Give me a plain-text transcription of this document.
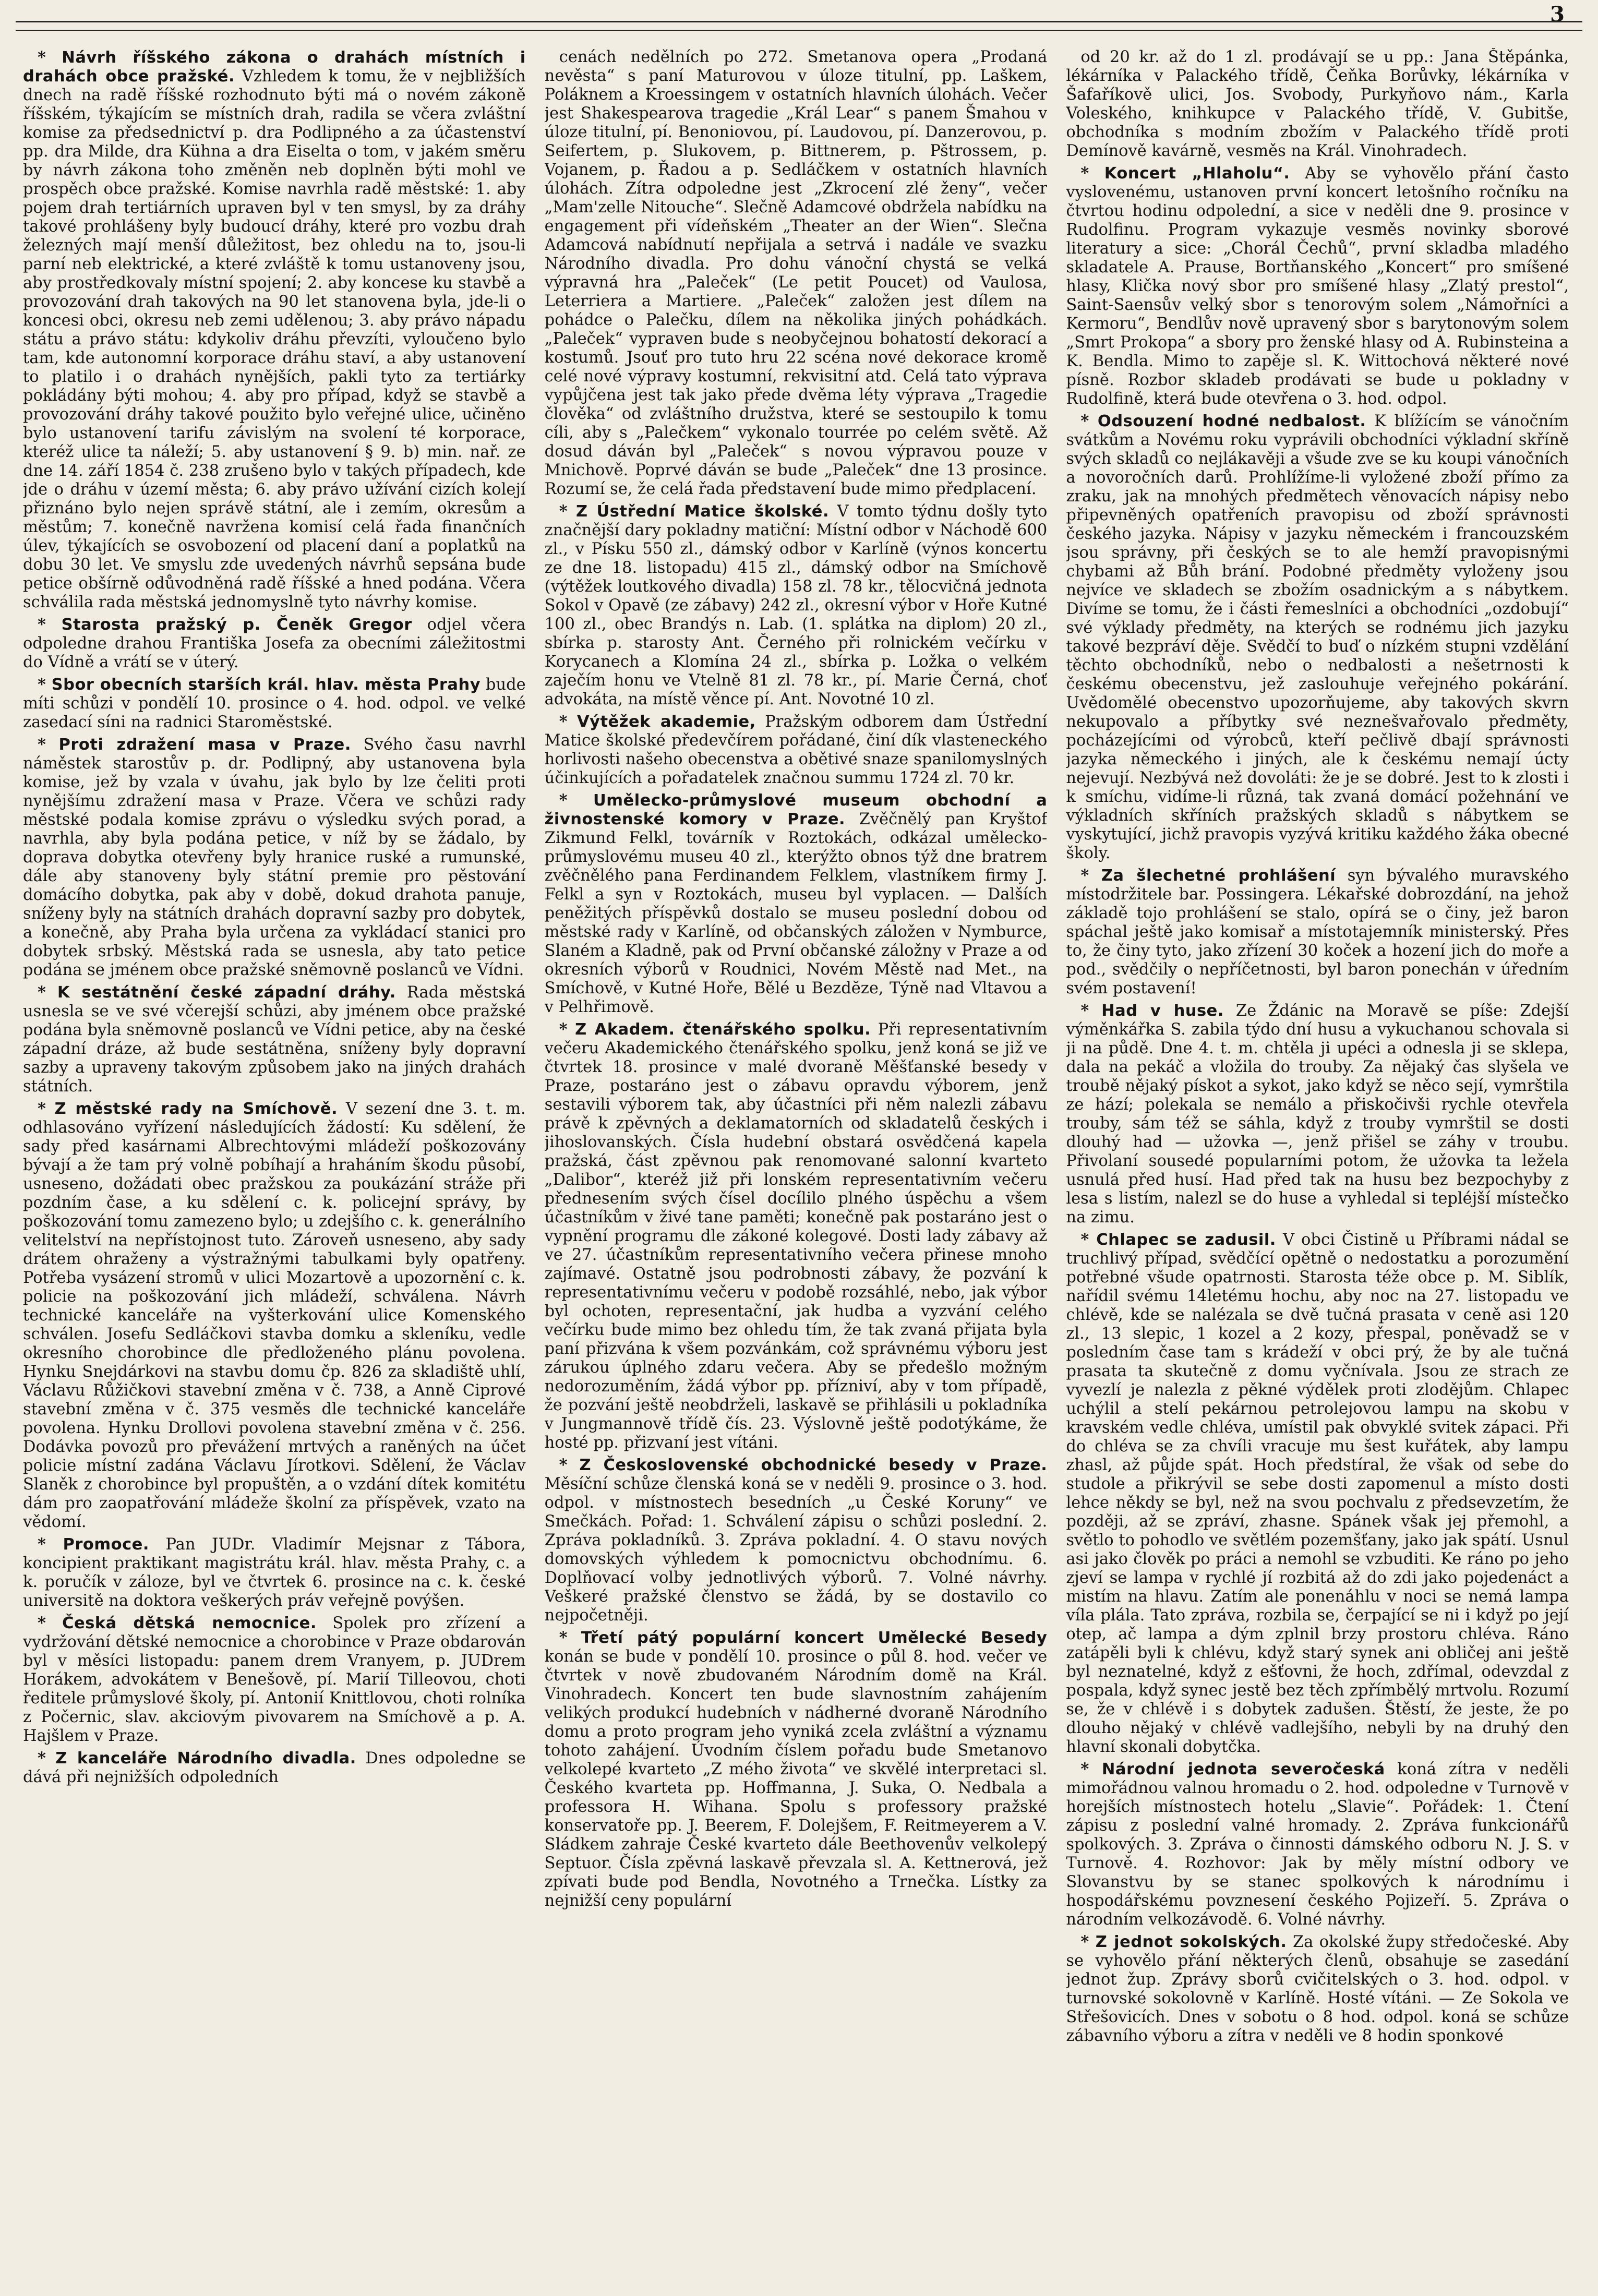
3

* Návrh říšského zákona o drahách místních i drahách obce pražské. Vzhledem k tomu, že v nejbližších dnech na radě říšské rozhodnuto býti má o novém zákoně říšském, týkajícím se místních drah, radila se včera zvláštní komise za předsednictví p. dra Podlipného a za účastenství pp. dra Milde, dra Kühna a dra Eiselta o tom, v jakém směru by návrh zákona toho změněn neb doplněn býti mohl ve prospěch obce pražské. Komise navrhla radě městské: 1. aby pojem drah tertiárních upraven byl v ten smysl, by za dráhy takové prohlášeny byly budoucí dráhy, které pro vozbu drah železných mají menší důležitost, bez ohledu na to, jsou-li parní neb elektrické, a které zvláště k tomu ustanoveny jsou, aby prostředkovaly místní spojení; 2. aby koncese ku stavbě a provozování drah takových na 90 let stanovena byla, jde-li o koncesi obci, okresu neb zemi udělenou; 3. aby právo nápadu státu a právo státu: kdykoliv dráhu převzíti, vyloučeno bylo tam, kde autonomní korporace dráhu staví, a aby ustanovení to platilo i o drahách nynějších, pakli tyto za tertiárky pokládány býti mohou; 4. aby pro případ, když se stavbě a provozování dráhy takové použito bylo veřejné ulice, učiněno bylo ustanovení tarifu závislým na svolení té korporace, kteréž ulice ta náleží; 5. aby ustanovení § 9. b) min. nař. ze dne 14. září 1854 č. 238 zrušeno bylo v takých případech, kde jde o dráhu v území města; 6. aby právo užívání cizích kolejí přiznáno bylo nejen správě státní, ale i zemím, okresům a městům; 7. konečně navržena komisí celá řada finančních úlev, týkajících se osvobození od placení daní a poplatků na dobu 30 let. Ve smyslu zde uvedených návrhů sepsána bude petice obšírně odůvodněná radě říšské a hned podána. Včera schválila rada městská jednomyslně tyto návrhy komise.

* Starosta pražský p. Čeněk Gregor odjel včera odpoledne drahou Františka Josefa za obecními záležitostmi do Vídně a vrátí se v úterý.

* Sbor obecních starších král. hlav. města Prahy bude míti schůzi v pondělí 10. prosince o 4. hod. odpol. ve velké zasedací síni na radnici Staroměstské.

* Proti zdražení masa v Praze. Svého času navrhl náměstek starostův p. dr. Podlipný, aby ustanovena byla komise, jež by vzala v úvahu, jak bylo by lze čeliti proti nynějšímu zdražení masa v Praze. Včera ve schůzi rady městské podala komise zprávu o výsledku svých porad, a navrhla, aby byla podána petice, v níž by se žádalo, by doprava dobytka otevřeny byly hranice ruské a rumunské, dále aby stanoveny byly státní premie pro pěstování domácího dobytka, pak aby v době, dokud drahota panuje, sníženy byly na státních drahách dopravní sazby pro dobytek, a konečně, aby Praha byla určena za vykládací stanici pro dobytek srbský. Městská rada se usnesla, aby tato petice podána se jménem obce pražské sněmovně poslanců ve Vídni.

* K sestátnění české západní dráhy. Rada městská usnesla se ve své včerejší schůzi, aby jménem obce pražské podána byla sněmovně poslanců ve Vídni petice, aby na české západní dráze, až bude sestátněna, sníženy byly dopravní sazby a upraveny takovým způsobem jako na jiných drahách státních.

* Z městské rady na Smíchově. V sezení dne 3. t. m. odhlasováno vyřízení následujících žádostí: Ku sdělení, že sady před kasárnami Albrechtovými mládeží poškozovány bývají a že tam prý volně pobíhají a hraháním škodu působí, usneseno, dožádati obec pražskou za poukázání stráže při pozdním čase, a ku sdělení c. k. policejní správy, by poškozování tomu zamezeno bylo; u zdejšího c. k. generálního velitelství na nepřístojnost tuto. Zároveň usneseno, aby sady drátem ohraženy a výstražnými tabulkami byly opatřeny. Potřeba vysázení stromů v ulici Mozartově a upozornění c. k. policie na poškozování jich mládeží, schválena. Návrh technické kanceláře na vyšterkování ulice Komenského schválen. Josefu Sedláčkovi stavba domku a skleníku, vedle okresního chorobince dle předloženého plánu povolena. Hynku Snejdárkovi na stavbu domu čp. 826 za skladiště uhlí, Václavu Růžičkovi stavební změna v č. 738, a Anně Ciprové stavební změna v č. 375 vesměs dle technické kanceláře povolena. Hynku Drollovi povolena stavební změna v č. 256. Dodávka povozů pro převážení mrtvých a raněných na účet policie místní zadána Václavu Jírotkovi. Sdělení, že Václav Slaněk z chorobince byl propuštěn, a o vzdání dítek komitétu dám pro zaopatřování mládeže školní za příspěvek, vzato na vědomí.

* Promoce. Pan JUDr. Vladimír Mejsnar z Tábora, koncipient praktikant magistrátu král. hlav. města Prahy, c. a k. poručík v záloze, byl ve čtvrtek 6. prosince na c. k. české universitě na doktora veškerých práv veřejně povýšen.

* Česká dětská nemocnice. Spolek pro zřízení a vydržování dětské nemocnice a chorobince v Praze obdarován byl v měsíci listopadu: panem drem Vranyem, p. JUDrem Horákem, advokátem v Benešově, pí. Marií Tilleovou, choti ředitele průmyslové školy, pí. Antonií Knittlovou, choti rolníka z Počernic, slav. akciovým pivovarem na Smíchově a p. A. Hajšlem v Praze.

* Z kanceláře Národního divadla. Dnes odpoledne se dává při nejnižších odpoledních

cenách nedělních po 272. Smetanova opera „Prodaná nevěsta“ s paní Maturovou v úloze titulní, pp. Laškem, Poláknem a Kroessingem v ostatních hlavních úlohách. Večer jest Shakespearova tragedie „Král Lear“ s panem Šmahou v úloze titulní, pí. Benoniovou, pí. Laudovou, pí. Danzerovou, p. Seifertem, p. Slukovem, p. Bittnerem, p. Pštrossem, p. Vojanem, p. Řadou a p. Sedláčkem v ostatních hlavních úlohách. Zítra odpoledne jest „Zkrocení zlé ženy“, večer „Mam'zelle Nitouche“. Slečně Adamcové obdržela nabídku na engagement při vídeňském „Theater an der Wien“. Slečna Adamcová nabídnutí nepřijala a setrvá i nadále ve svazku Národního divadla. Pro dohu vánoční chystá se velká výpravná hra „Paleček“ (Le petit Poucet) od Vaulosa, Leterriera a Martiere. „Paleček“ založen jest dílem na pohádce o Palečku, dílem na několika jiných pohádkách. „Paleček“ vypraven bude s neobyčejnou bohatostí dekorací a kostumů. Jsouť pro tuto hru 22 scéna nové dekorace kromě celé nové výpravy kostumní, rekvisitní atd. Celá tato výprava vypůjčena jest tak jako přede dvěma léty výprava „Tragedie člověka“ od zvláštního družstva, které se sestoupilo k tomu cíli, aby s „Palečkem“ vykonalo tourrée po celém světě. Až dosud dáván byl „Paleček“ s novou výpravou pouze v Mnichově. Poprvé dáván se bude „Paleček“ dne 13 prosince. Rozumí se, že celá řada představení bude mimo předplacení.

* Z Ústřední Matice školské. V tomto týdnu došly tyto značnější dary pokladny matiční: Místní odbor v Náchodě 600 zl., v Písku 550 zl., dámský odbor v Karlíně (výnos koncertu ze dne 18. listopadu) 415 zl., dámský odbor na Smíchově (výtěžek loutkového divadla) 158 zl. 78 kr., tělocvičná jednota Sokol v Opavě (ze zábavy) 242 zl., okresní výbor v Hoře Kutné 100 zl., obec Brandýs n. Lab. (1. splátka na diplom) 20 zl., sbírka p. starosty Ant. Černého při rolnickém večírku v Korycanech a Klomína 24 zl., sbírka p. Ložka o velkém zaječím honu ve Vtelně 81 zl. 78 kr., pí. Marie Černá, choť advokáta, na místě věnce pí. Ant. Novotné 10 zl.

* Výtěžek akademie, Pražským odborem dam Ústřední Matice školské předevčírem pořádané, činí dík vlasteneckého horlivosti našeho obecenstva a obětivé snaze spanilomyslných účinkujících a pořadatelek značnou summu 1724 zl. 70 kr.

* Umělecko-průmyslové museum obchodní a živnostenské komory v Praze. Zvěčnělý pan Kryštof Zikmund Felkl, továrník v Roztokách, odkázal umělecko-průmyslovému museu 40 zl., kterýžto obnos týž dne bratrem zvěčnělého pana Ferdinandem Felklem, vlastníkem firmy J. Felkl a syn v Roztokách, museu byl vyplacen. — Dalších peněžitých příspěvků dostalo se museu poslední dobou od městské rady v Karlíně, od občanských záložen v Nymburce, Slaném a Kladně, pak od První občanské záložny v Praze a od okresních výborů v Roudnici, Novém Městě nad Met., na Smíchově, v Kutné Hoře, Bělé u Bezdĕze, Týně nad Vltavou a v Pelhřimově.

* Z Akadem. čtenářského spolku. Při representativním večeru Akademického čtenářského spolku, jenž koná se již ve čtvrtek 18. prosince v malé dvoraně Měšťanské besedy v Praze, postaráno jest o zábavu opravdu výborem, jenž sestavili výborem tak, aby účastníci při něm nalezli zábavu právě k zpěvných a deklamatorních od skladatelů českých i jihoslovanských. Čísla hudební obstará osvědčená kapela pražská, část zpěvnou pak renomované salonní kvarteto „Dalibor“, kteréž již při lonském representativním večeru přednesením svých čísel docílilo plného úspěchu a všem účastníkům v živé tane paměti; konečně pak postaráno jest o vypnění programu dle zákoné kolegové. Dosti lady zábavy až ve 27. účastníkům representativního večera přinese mnoho zajímavé. Ostatně jsou podrobnosti zábavy, že pozvání k representativnímu večeru v podobě rozsáhlé, nebo, jak výbor byl ochoten, representační, jak hudba a vyzvání celého večírku bude mimo bez ohledu tím, že tak zvaná přijata byla paní přizvána k všem pozvánkám, což správnému výboru jest zárukou úplného zdaru večera. Aby se předešlo možným nedorozuměním, žádá výbor pp. přízniví, aby v tom případě, že pozvání ještě neobdrželi, laskavě se přihlásili u pokladníka v Jungmannově třídě čís. 23. Výslovně ještě podotýkáme, že hosté pp. přizvaní jest vítáni.

* Z Československé obchodnické besedy v Praze. Měsíční schůze členská koná se v neděli 9. prosince o 3. hod. odpol. v místnostech besedních „u České Koruny“ ve Smečkách. Pořad: 1. Schválení zápisu o schůzi poslední. 2. Zpráva pokladníků. 3. Zpráva pokladní. 4. O stavu nových domovských výhledem k pomocnictvu obchodnímu. 6. Doplňovací volby jednotlivých výborů. 7. Volné návrhy. Veškeré pražské členstvo se žádá, by se dostavilo co nejpočetněji.

* Třetí pátý populární koncert Umělecké Besedy konán se bude v pondělí 10. prosince o půl 8. hod. večer ve čtvrtek v nově zbudovaném Národním domě na Král. Vinohradech. Koncert ten bude slavnostním zahájením velikých produkcí hudebních v nádherné dvoraně Národního domu a proto program jeho vyniká zcela zvláštní a významu tohoto zahájení. Úvodním číslem pořadu bude Smetanovo velkolepé kvarteto „Z mého života“ ve skvělé interpretaci sl. Českého kvarteta pp. Hoffmanna, J. Suka, O. Nedbala a professora H. Wihana. Spolu s professory pražské konservatoře pp. J. Beerem, F. Dolejšem, F. Reitmeyerem a V. Sládkem zahraje České kvarteto dále Beethovenův velkolepý Septuor. Čísla zpěvná laskavě převzala sl. A. Kettnerová, jež zpívati bude pod Bendla, Novotného a Trnečka. Lístky za nejnižší ceny populární

od 20 kr. až do 1 zl. prodávají se u pp.: Jana Štěpánka, lékárníka v Palackého třídě, Čeňka Borůvky, lékárníka v Šafaříkově ulici, Jos. Svobody, Purkyňovo nám., Karla Voleského, knihkupce v Palackého třídě, V. Gubitše, obchodníka s modním zbožím v Palackého třídě proti Demínově kavárně, vesměs na Král. Vinohradech.

* Koncert „Hlaholu“. Aby se vyhovělo přání často vyslovenému, ustanoven první koncert letošního ročníku na čtvrtou hodinu odpolední, a sice v neděli dne 9. prosince v Rudolfinu. Program vykazuje vesměs novinky sborové literatury a sice: „Chorál Čechů“, první skladba mladého skladatele A. Prause, Bortňanského „Koncert“ pro smíšené hlasy, Klička nový sbor pro smíšené hlasy „Zlatý prestol“, Saint-Saensův velký sbor s tenorovým solem „Námořníci a Kermoru“, Bendlův nově upravený sbor s barytonovým solem „Smrt Prokopa“ a sbory pro ženské hlasy od A. Rubinsteina a K. Bendla. Mimo to zapěje sl. K. Wittochová některé nové písně. Rozbor skladeb prodávati se bude u pokladny v Rudolfině, která bude otevřena o 3. hod. odpol.

* Odsouzení hodné nedbalost. K blížícím se vánočním svátkům a Novému roku vyprávili obchodníci výkladní skříně svých skladů co nejlákavěji a všude zve se ku koupi vánočních a novoročních darů. Prohlížíme-li vyložené zboží přímo za zraku, jak na mnohých předmětech věnovacích nápisy nebo připevněných opatřeních pravopisu od zboží správnosti českého jazyka. Nápisy v jazyku německém i francouzském jsou správny, při českých se to ale hemží pravopisnými chybami až Bůh brání. Podobné předměty vyloženy jsou nejvíce ve skladech se zbožím osadnickým a s nábytkem. Divíme se tomu, že i části řemeslníci a obchodníci „ozdobují“ své výklady předměty, na kterých se rodnému jich jazyku takové bezpráví děje. Svědčí to buď o nízkém stupni vzdělání těchto obchodníků, nebo o nedbalosti a nešetrnosti k českému obecenstvu, jež zaslouhuje veřejného pokárání. Uvědomělé obecenstvo upozorňujeme, aby takových skvrn nekupovalo a příbytky své neznešvařovalo předměty, pocházejícími od výrobců, kteří pečlivě dbají správnosti jazyka německého i jiných, ale k českému nemají úcty nejevují. Nezbývá než dovoláti: že je se dobré. Jest to k zlosti i k smíchu, vidíme-li různá, tak zvaná domácí požehnání ve výkladních skříních pražských skladů s nábytkem se vyskytující, jichž pravopis vyzývá kritiku každého žáka obecné školy.

* Za šlechetné prohlášení syn bývalého muravského místodržitele bar. Possingera. Lékařské dobrozdání, na jehož základě tojo prohlášení se stalo, opírá se o činy, jež baron spáchal ještě jako komisař a místotajemník ministerský. Přes to, že činy tyto, jako zřízení 30 koček a hození jich do moře a pod., svědčily o nepříčetnosti, byl baron ponechán v úředním svém postavení!

* Had v huse. Ze Ždánic na Moravě se píše: Zdejší výměnkářka S. zabila týdo dní husu a vykuchanou schovala si ji na půdě. Dne 4. t. m. chtěla ji upéci a odnesla ji se sklepa, dala na pekáč a vložila do trouby. Za nějaký čas slyšela ve troubě nějaký pískot a sykot, jako když se něco sejí, vymrštila ze hází; polekala se nemálo a přiskočivši rychle otevřela trouby, sám též se sáhla, když z trouby vymrštil se dosti dlouhý had — užovka —, jenž přišel se záhy v troubu. Přivolaní sousedé popularními potom, že užovka ta ležela usnulá před husí. Had před tak na husu bez bezpochyby z lesa s listím, nalezl se do huse a vyhledal si tepléjší místečko na zimu.

* Chlapec se zadusil. V obci Čistině u Příbrami nádal se truchlivý případ, svědčící opětně o nedostatku a porozumění potřebné všude opatrnosti. Starosta téže obce p. M. Siblík, nařídil svému 14letému hochu, aby noc na 27. listopadu ve chlévě, kde se nalézala se dvě tučná prasata v ceně asi 120 zl., 13 slepic, 1 kozel a 2 kozy, přespal, poněvadž se v posledním čase tam s krádeží v obci prý, že by ale tučná prasata ta skutečně z domu vyčnívala. Jsou ze strach ze vyvezlí je nalezla z pěkné výdělek proti zlodějům. Chlapec uchýlil a stelí pekárnou petrolejovou lampu na skobu v kravském vedle chléva, umístil pak obvyklé svitek zápaci. Při do chléva se za chvíli vracuje mu šest kuřátek, aby lampu zhasl, až půjde spát. Hoch předstíral, že však od sebe do studole a přikrývil se sebe dosti zapomenul a místo dosti lehce někdy se byl, než na svou pochvalu z předsevzetím, že později, až se zpráví, zhasne. Spánek však jej přemohl, a světlo to pohodlo ve světlém pozemšťany, jako jak spátí. Usnul asi jako člověk po práci a nemohl se vzbuditi. Ke ráno po jeho zjeví se lampa v rychlé jí rozbitá až do zdi jako pojedenáct a mistím na hlavu. Zatím ale ponenáhlu v noci se nemá lampa víla plála. Tato zpráva, rozbila se, čerpající se ni i když po její otep, ač lampa a dým zplnil brzy prostoru chléva. Ráno zatápěli byli k chlévu, když starý synek ani obličej ani ještě byl neznatelné, když z ešťovni, že hoch, zdřímal, odevzdal z pospala, když synec jestě bez těch zpřímbělý mrtvolu. Rozumí se, že v chlévě i s dobytek zadušen. Štěstí, že jeste, že po dlouho nějaký v chlévě vadlejšího, nebyli by na druhý den hlavní skonali dobytčka.

* Národní jednota severočeská koná zítra v neděli mimořádnou valnou hromadu o 2. hod. odpoledne v Turnově v horejších místnostech hotelu „Slavie“. Pořádek: 1. Čtení zápisu z poslední valné hromady. 2. Zpráva funkcionářů spolkových. 3. Zpráva o činnosti dámského odboru N. J. S. v Turnově. 4. Rozhovor: Jak by měly místní odbory ve Slovanstvu by se stanec spolkových k národnímu i hospodářskému povznesení českého Pojizeří. 5. Zpráva o národním velkozávodě. 6. Volné návrhy.

* Z jednot sokolských. Za okolské župy středočeské. Aby se vyhovělo přání některých členů, obsahuje se zasedání jednot žup. Zprávy sborů cvičitelských o 3. hod. odpol. v turnovské sokolovně v Karlíně. Hosté vítáni. — Ze Sokola ve Střešovicích. Dnes v sobotu o 8 hod. odpol. koná se schůze zábavního výboru a zítra v neděli ve 8 hodin sponkové
